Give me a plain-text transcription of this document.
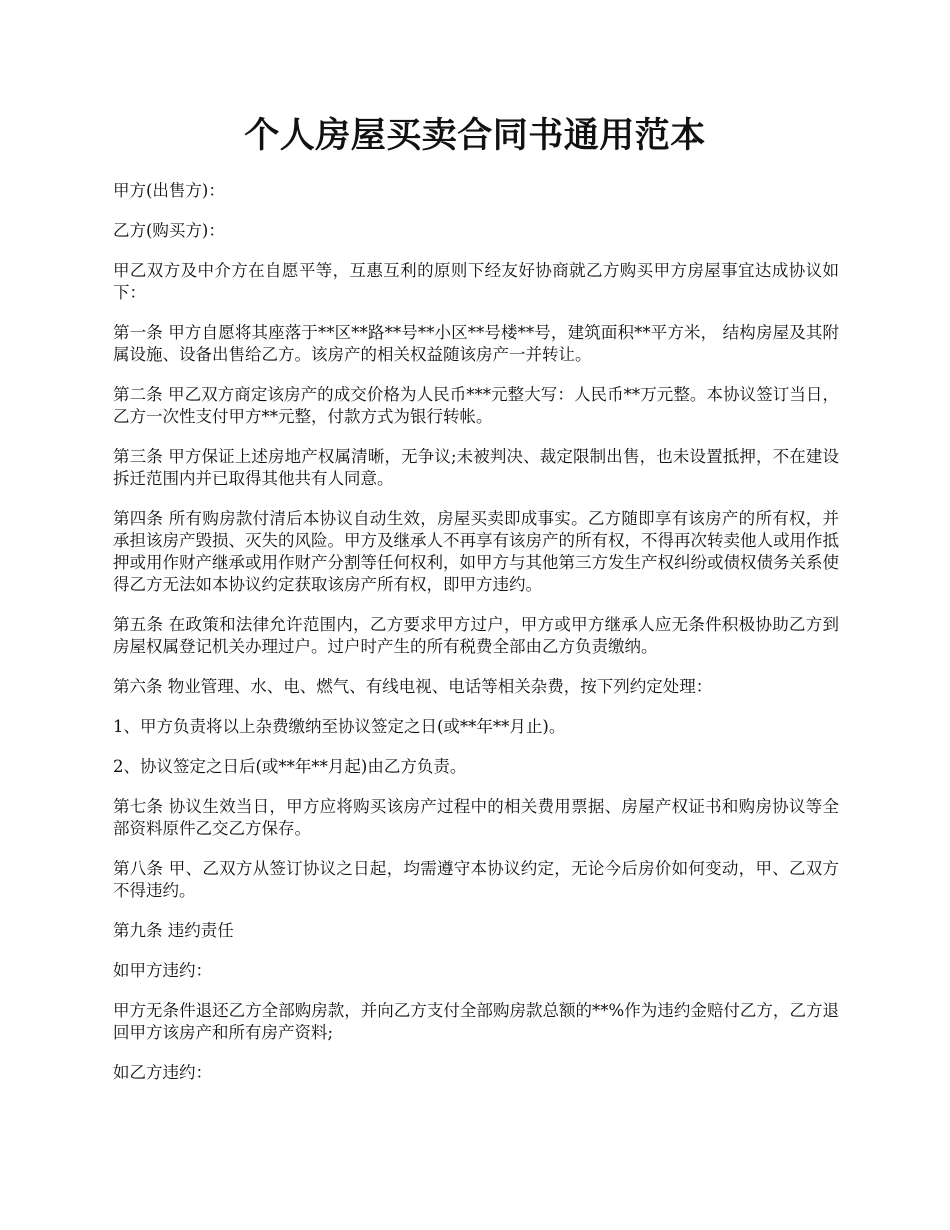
个人房屋买卖合同书通用范本

甲方(出售方)：

乙方(购买方)：

甲乙双方及中介方在自愿平等，互惠互利的原则下经友好协商就乙方购买甲方房屋事宜达成协议如下：

第一条 甲方自愿将其座落于**区**路**号**小区**号楼**号，建筑面积**平方米， 结构房屋及其附属设施、设备出售给乙方。该房产的相关权益随该房产一并转让。

第二条 甲乙双方商定该房产的成交价格为人民币***元整大写：人民币**万元整。本协议签订当日，乙方一次性支付甲方**元整，付款方式为银行转帐。

第三条 甲方保证上述房地产权属清晰，无争议;未被判决、裁定限制出售，也未设置抵押，不在建设拆迁范围内并已取得其他共有人同意。

第四条 所有购房款付清后本协议自动生效，房屋买卖即成事实。乙方随即享有该房产的所有权，并承担该房产毁损、灭失的风险。甲方及继承人不再享有该房产的所有权，不得再次转卖他人或用作抵押或用作财产继承或用作财产分割等任何权利，如甲方与其他第三方发生产权纠纷或债权债务关系使得乙方无法如本协议约定获取该房产所有权，即甲方违约。

第五条 在政策和法律允许范围内，乙方要求甲方过户，甲方或甲方继承人应无条件积极协助乙方到房屋权属登记机关办理过户。过户时产生的所有税费全部由乙方负责缴纳。

第六条 物业管理、水、电、燃气、有线电视、电话等相关杂费，按下列约定处理：

1、甲方负责将以上杂费缴纳至协议签定之日(或**年**月止)。

2、协议签定之日后(或**年**月起)由乙方负责。

第七条 协议生效当日，甲方应将购买该房产过程中的相关费用票据、房屋产权证书和购房协议等全部资料原件乙交乙方保存。

第八条 甲、乙双方从签订协议之日起，均需遵守本协议约定，无论今后房价如何变动，甲、乙双方不得违约。

第九条 违约责任

如甲方违约：

甲方无条件退还乙方全部购房款，并向乙方支付全部购房款总额的**%作为违约金赔付乙方，乙方退回甲方该房产和所有房产资料;

如乙方违约：
